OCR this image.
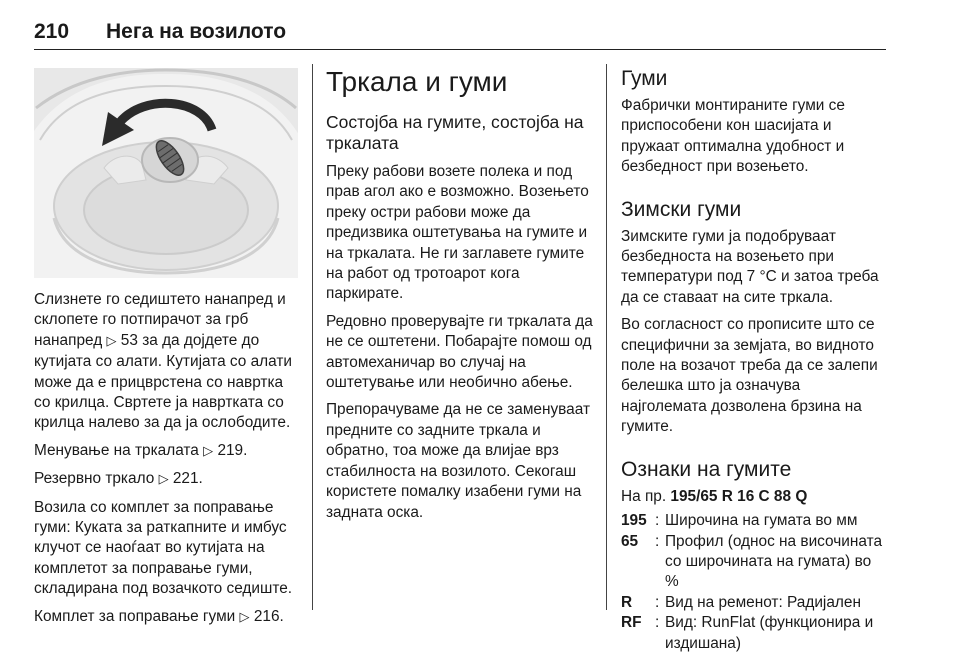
210 Нега на возилото

Слизнете го седиштето нанапред и склопете го потпирачот за грб нанапред ▷ 53 за да дојдете до кутијата со алати. Кутијата со алати може да е прицврстена со навртка со крилца. Свртете ја навртката со крилца налево за да ја ослободите.

Менување на тркалата ▷ 219.

Резервно тркало ▷ 221.

Возила со комплет за поправање гуми: Куката за раткапните и имбус клучот се наоѓаат во кутијата на комплетот за поправање гуми, складирана под возачкото седиште.

Комплет за поправање гуми ▷ 216.

Тркала и гуми
Состојба на гумите, состојба на тркалата

Преку рабови возете полека и под прав агол ако е возможно. Возењето преку остри рабови може да предизвика оштетувања на гумите и на тркалата. Не ги заглавете гумите на работ од тротоарот кога паркирате.

Редовно проверувајте ги тркалата да не се оштетени. Побарајте помош од автомеханичар во случај на оштетување или необично абење.

Препорачуваме да не се заменуваат предните со задните тркала и обратно, тоа може да влијае врз стабилноста на возилото. Секогаш користете помалку изабени гуми на задната оска.

Гуми

Фабрички монтираните гуми се приспособени кон шасијата и пружаат оптимална удобност и безбедност при возењето.

Зимски гуми

Зимските гуми ја подобруваат безбедноста на возењето при температури под 7 °C и затоа треба да се ставаат на сите тркала.

Во согласност со прописите што се специфични за земјата, во видното поле на возачот треба да се залепи белешка што ја означува најголемата дозволена брзина на гумите.

Ознаки на гумите

На пр. 195/65 R 16 C 88 Q

195 : Широчина на гумата во мм
65	: Профил (однос на височината со широчината на гумата) во %
R	: Вид на ременот: Радијален
RF : Вид: RunFlat (функционира и издишана)
